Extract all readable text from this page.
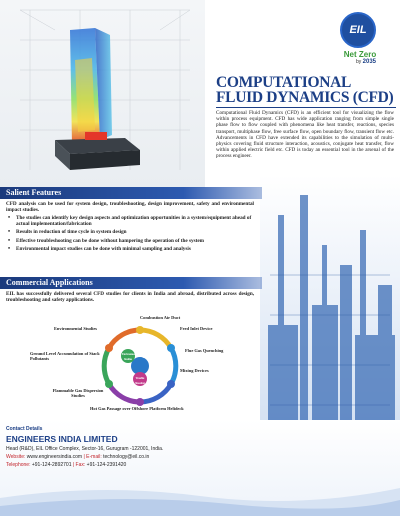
EIL
Net Zero
by 2035
COMPUTATIONAL FLUID DYNAMICS (CFD)
Computational Fluid Dynamics (CFD) is an efficient tool for visualizing the flow within process equipment. CFD has wide application ranging from simple single phase flow to flow coupled with phenomena like heat transfer, reactions, species transport, multiphase flow, free surface flow, open boundary flow, transient flow etc. Advancements in CFD have extended its capabilities to the simulation of multi-physics covering fluid structure interaction, acoustics, conjugate heat transfer, flow within applied electric field etc. CFD is today an essential tool in the arsenal of the process engineer.
Salient Features
CFD analysis can be used for system design, troubleshooting, design improvement, safety and environmental impact studies.
• The studies can identify key design aspects and optimization opportunities in a system/equipment ahead of actual implementation/fabrication
• Results in reduction of time cycle in system design
• Effective troubleshooting can be done without hampering the operation of the system
• Environmental impact studies can be done with minimal sampling and analysis
Commercial Applications
EIL has successfully delivered several CFD studies for clients in India and abroad, distributed across design, troubleshooting and safety applications.
Design
Environmental Studies
Trouble Shooting
Combustion Air Duct
Environmental Studies	Feed Inlet Device
Ground Level Accumulation of Stack Pollutants
Flue Gas Quenching
Flammable Gas Dispersion Studies
Mixing Devices
Hot Gas Passage over Offshore Platform Helideck
Contact Details
ENGINEERS INDIA LIMITED
Head (R&D), EIL Office Complex, Sector-16, Gurugram -122001, India.
Website: www.engineersindia.com | E-mail: technology@eil.co.in
Telephone: +91-124-2892701 | Fax: +91-124-2391420
